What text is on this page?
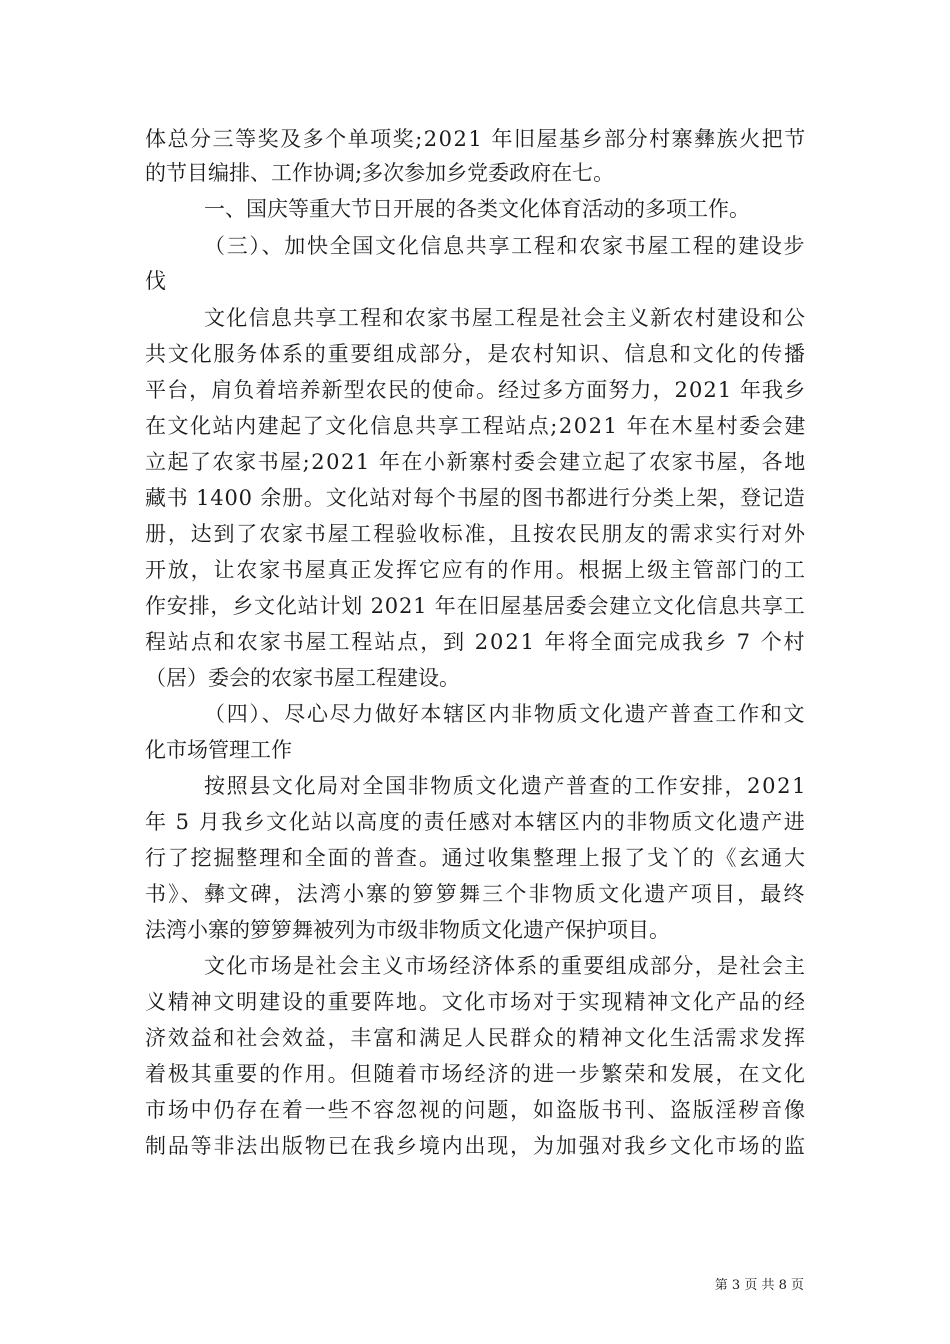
体总分三等奖及多个单项奖;2021 年旧屋基乡部分村寨彝族火把节

的节目编排、工作协调;多次参加乡党委政府在七。

一、国庆等重大节日开展的各类文化体育活动的多项工作。

（三）、加快全国文化信息共享工程和农家书屋工程的建设步

伐

文化信息共享工程和农家书屋工程是社会主义新农村建设和公

共文化服务体系的重要组成部分，是农村知识、信息和文化的传播

平台，肩负着培养新型农民的使命。经过多方面努力，2021 年我乡

在文化站内建起了文化信息共享工程站点;2021 年在木星村委会建

立起了农家书屋;2021 年在小新寨村委会建立起了农家书屋，各地

藏书 1400 余册。文化站对每个书屋的图书都进行分类上架，登记造

册，达到了农家书屋工程验收标准，且按农民朋友的需求实行对外

开放，让农家书屋真正发挥它应有的作用。根据上级主管部门的工

作安排，乡文化站计划 2021 年在旧屋基居委会建立文化信息共享工

程站点和农家书屋工程站点，到 2021 年将全面完成我乡 7 个村

（居）委会的农家书屋工程建设。

（四）、尽心尽力做好本辖区内非物质文化遗产普查工作和文

化市场管理工作

按照县文化局对全国非物质文化遗产普查的工作安排，2021

年 5 月我乡文化站以高度的责任感对本辖区内的非物质文化遗产进

行了挖掘整理和全面的普查。通过收集整理上报了戈丫的《玄通大

书》、彝文碑，法湾小寨的箩箩舞三个非物质文化遗产项目，最终

法湾小寨的箩箩舞被列为市级非物质文化遗产保护项目。

文化市场是社会主义市场经济体系的重要组成部分，是社会主

义精神文明建设的重要阵地。文化市场对于实现精神文化产品的经

济效益和社会效益，丰富和满足人民群众的精神文化生活需求发挥

着极其重要的作用。但随着市场经济的进一步繁荣和发展，在文化

市场中仍存在着一些不容忽视的问题，如盗版书刊、盗版淫秽音像

制品等非法出版物已在我乡境内出现，为加强对我乡文化市场的监

第 3 页 共 8 页
